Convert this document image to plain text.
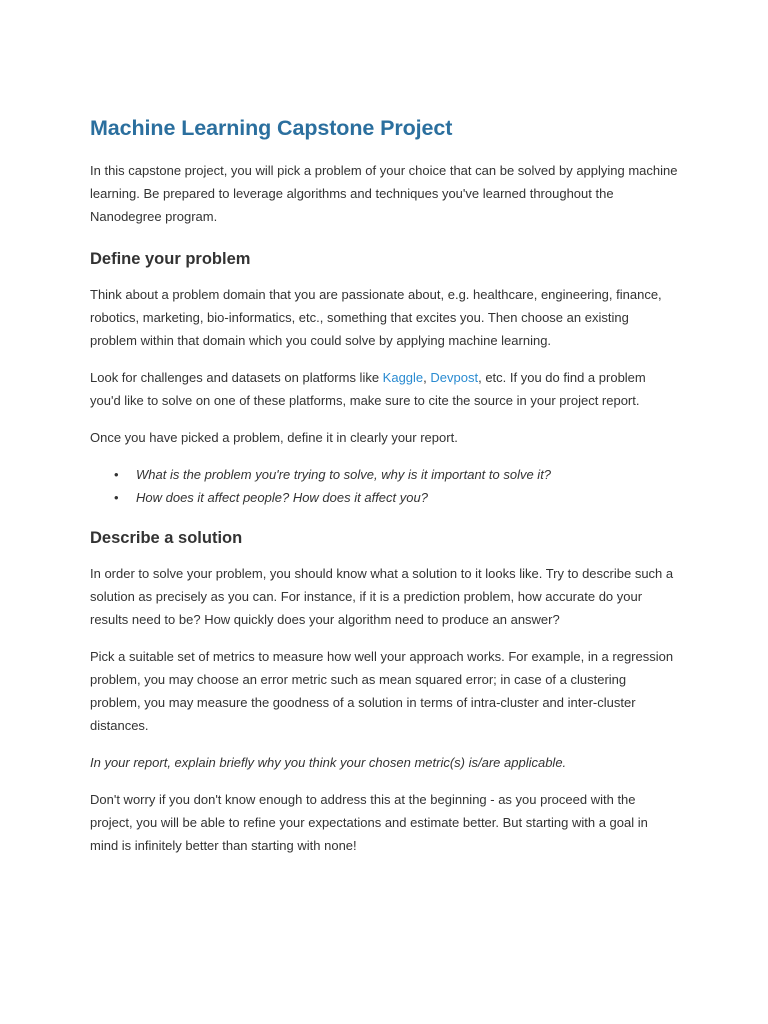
Machine Learning Capstone Project

In this capstone project, you will pick a problem of your choice that can be solved by applying machine learning. Be prepared to leverage algorithms and techniques you've learned throughout the Nanodegree program.

Define your problem

Think about a problem domain that you are passionate about, e.g. healthcare, engineering, finance, robotics, marketing, bio-informatics, etc., something that excites you. Then choose an existing problem within that domain which you could solve by applying machine learning.

Look for challenges and datasets on platforms like Kaggle, Devpost, etc. If you do find a problem you'd like to solve on one of these platforms, make sure to cite the source in your project report.

Once you have picked a problem, define it in clearly your report.

• What is the problem you're trying to solve, why is it important to solve it?
• How does it affect people? How does it affect you?
Describe a solution

In order to solve your problem, you should know what a solution to it looks like. Try to describe such a solution as precisely as you can. For instance, if it is a prediction problem, how accurate do your results need to be? How quickly does your algorithm need to produce an answer?

Pick a suitable set of metrics to measure how well your approach works. For example, in a regression problem, you may choose an error metric such as mean squared error; in case of a clustering problem, you may measure the goodness of a solution in terms of intra-cluster and inter-cluster distances.

In your report, explain briefly why you think your chosen metric(s) is/are applicable.

Don't worry if you don't know enough to address this at the beginning - as you proceed with the project, you will be able to refine your expectations and estimate better. But starting with a goal in mind is infinitely better than starting with none!
